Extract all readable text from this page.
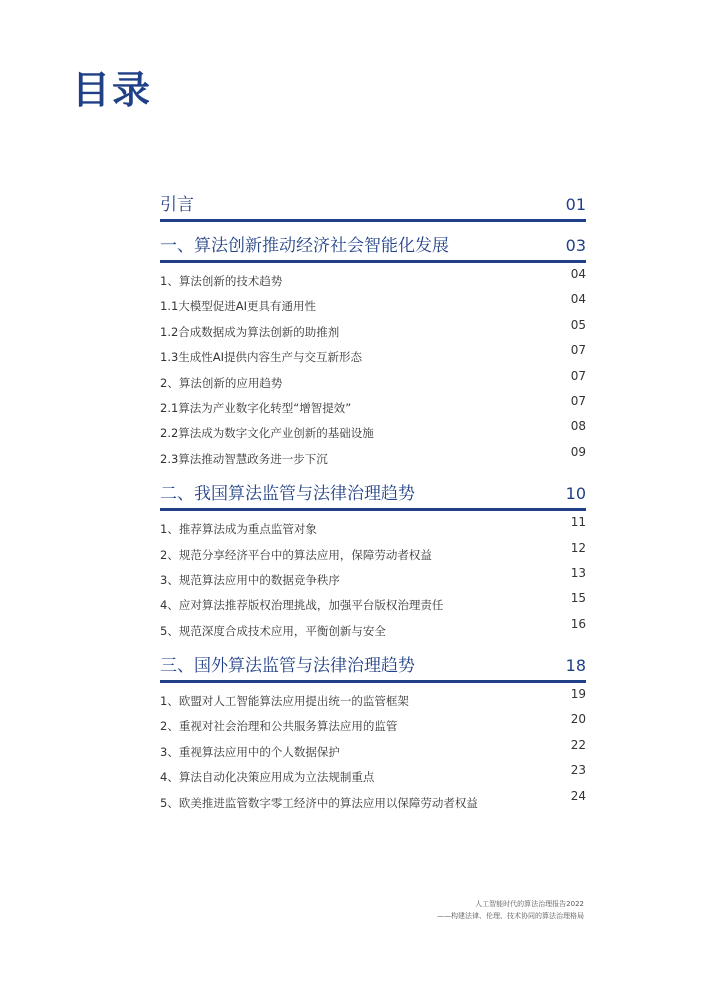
目录
引言	01
一、算法创新推动经济社会智能化发展	03
1、算法创新的技术趋势	04
1.1大模型促进AI更具有通用性	04
1.2合成数据成为算法创新的助推剂	05
1.3生成性AI提供内容生产与交互新形态	07
2、算法创新的应用趋势	07
2.1算法为产业数字化转型“增智提效”	07
2.2算法成为数字文化产业创新的基础设施	08
2.3算法推动智慧政务进一步下沉	09
二、我国算法监管与法律治理趋势	10
1、推荐算法成为重点监管对象	11
2、规范分享经济平台中的算法应用，保障劳动者权益	12
3、规范算法应用中的数据竞争秩序	13
4、应对算法推荐版权治理挑战，加强平台版权治理责任	15
5、规范深度合成技术应用，平衡创新与安全	16
三、国外算法监管与法律治理趋势	18
1、欧盟对人工智能算法应用提出统一的监管框架	19
2、重视对社会治理和公共服务算法应用的监管	20
3、重视算法应用中的个人数据保护	22
4、算法自动化决策应用成为立法规制重点	23
5、欧美推进监管数字零工经济中的算法应用以保障劳动者权益	24
人工智能时代的算法治理报告2022
——构建法律、伦理、技术协同的算法治理格局
